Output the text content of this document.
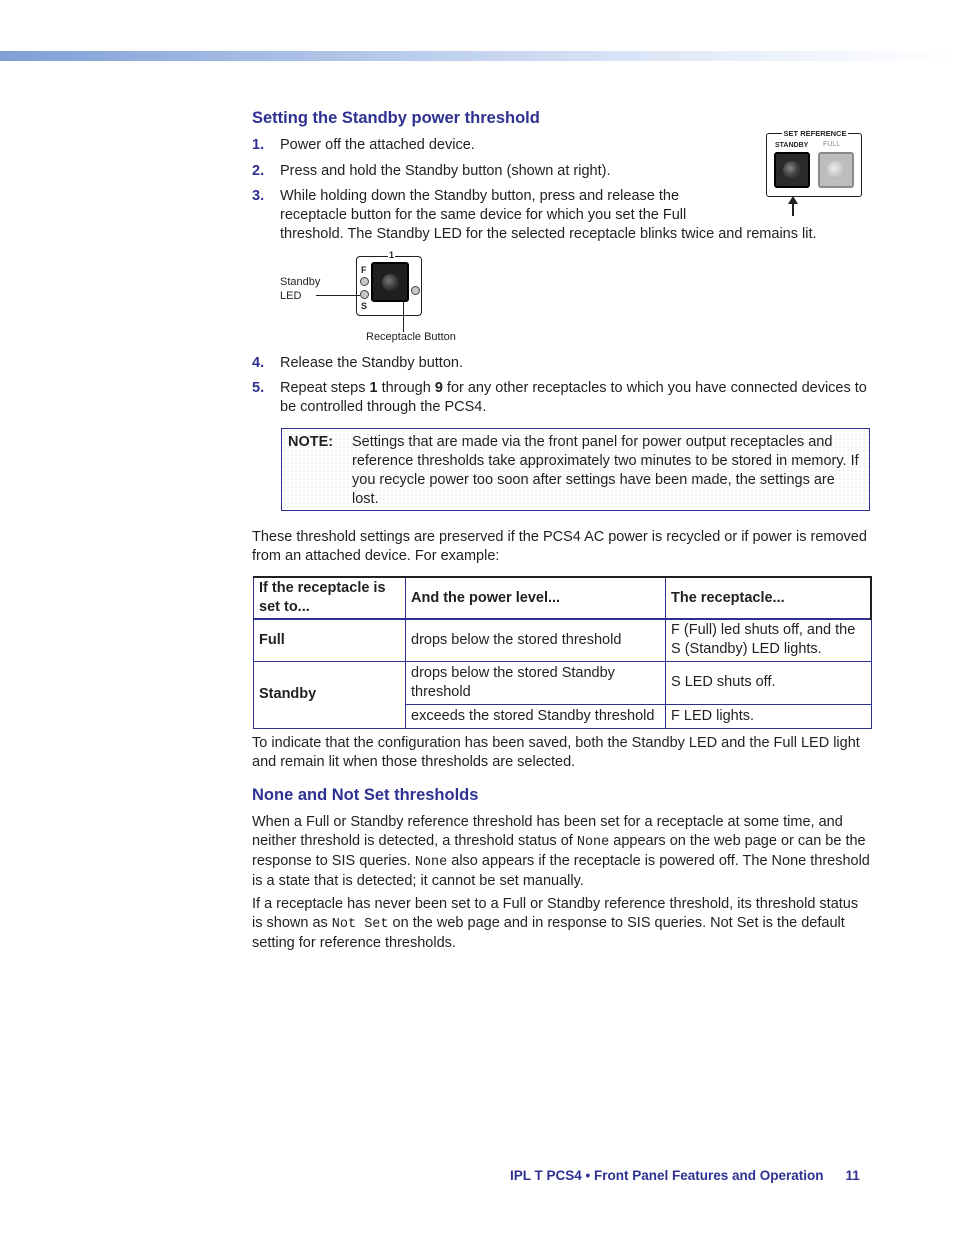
Setting the Standby power threshold
1. Power off the attached device.
2. Press and hold the Standby button (shown at right).
3. While holding down the Standby button, press and release the
receptacle button for the same device for which you set the Full
threshold. The Standby LED for the selected receptacle blinks twice and remains lit.
SET REFERENCE
STANDBY FULL
1
F
S
Standby
LED
Receptacle Button
4. Release the Standby button.
5. Repeat steps 1 through 9 for any other receptacles to which you have connected devices to be controlled through the PCS4.
NOTE: Settings that are made via the front panel for power output receptacles and reference thresholds take approximately two minutes to be stored in memory. If you recycle power too soon after settings have been made, the settings are lost.
These threshold settings are preserved if the PCS4 AC power is recycled or if power is removed from an attached device. For example:
If the receptacle is set to...	And the power level...	The receptacle...
Full	drops below the stored threshold	F (Full) led shuts off, and the S (Standby) LED lights.
Standby	drops below the stored Standby threshold	S LED shuts off.
	exceeds the stored Standby threshold	F LED lights.
To indicate that the configuration has been saved, both the Standby LED and the Full LED light and remain lit when those thresholds are selected.
None and Not Set thresholds
When a Full or Standby reference threshold has been set for a receptacle at some time, and neither threshold is detected, a threshold status of None appears on the web page or can be the response to SIS queries. None also appears if the receptacle is powered off. The None threshold is a state that is detected; it cannot be set manually.
If a receptacle has never been set to a Full or Standby reference threshold, its threshold status is shown as Not Set on the web page and in response to SIS queries. Not Set is the default setting for reference thresholds.
IPL T PCS4 • Front Panel Features and Operation 11
